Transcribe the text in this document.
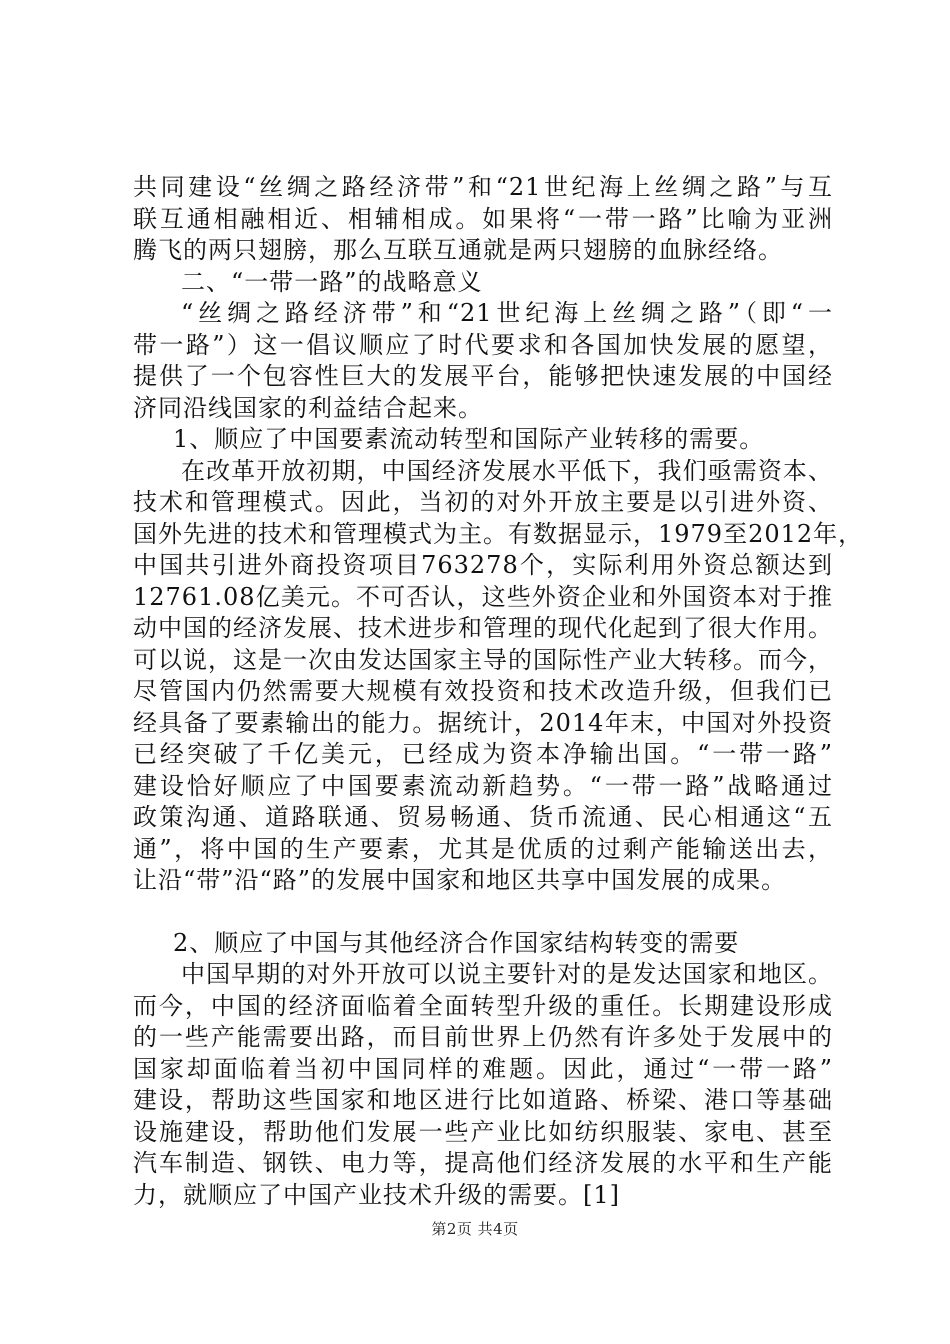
共同建设“丝绸之路经济带”和“21世纪海上丝绸之路”与互
联互通相融相近、相辅相成。如果将“一带一路”比喻为亚洲
腾飞的两只翅膀，那么互联互通就是两只翅膀的血脉经络。
二、“一带一路”的战略意义
“丝绸之路经济带”和“21世纪海上丝绸之路”（即“一
带一路”）这一倡议顺应了时代要求和各国加快发展的愿望，
提供了一个包容性巨大的发展平台，能够把快速发展的中国经
济同沿线国家的利益结合起来。
1、顺应了中国要素流动转型和国际产业转移的需要。
在改革开放初期，中国经济发展水平低下，我们亟需资本、
技术和管理模式。因此，当初的对外开放主要是以引进外资、
国外先进的技术和管理模式为主。有数据显示，1979至2012年，
中国共引进外商投资项目763278个，实际利用外资总额达到
12761.08亿美元。不可否认，这些外资企业和外国资本对于推
动中国的经济发展、技术进步和管理的现代化起到了很大作用。
可以说，这是一次由发达国家主导的国际性产业大转移。而今，
尽管国内仍然需要大规模有效投资和技术改造升级，但我们已
经具备了要素输出的能力。据统计，2014年末，中国对外投资
已经突破了千亿美元，已经成为资本净输出国。“一带一路”
建设恰好顺应了中国要素流动新趋势。“一带一路”战略通过
政策沟通、道路联通、贸易畅通、货币流通、民心相通这“五
通”，将中国的生产要素，尤其是优质的过剩产能输送出去，
让沿“带”沿“路”的发展中国家和地区共享中国发展的成果。
2、顺应了中国与其他经济合作国家结构转变的需要
中国早期的对外开放可以说主要针对的是发达国家和地区。
而今，中国的经济面临着全面转型升级的重任。长期建设形成
的一些产能需要出路，而目前世界上仍然有许多处于发展中的
国家却面临着当初中国同样的难题。因此，通过“一带一路”
建设，帮助这些国家和地区进行比如道路、桥梁、港口等基础
设施建设，帮助他们发展一些产业比如纺织服装、家电、甚至
汽车制造、钢铁、电力等，提高他们经济发展的水平和生产能
力，就顺应了中国产业技术升级的需要。[1]
第2页 共4页
